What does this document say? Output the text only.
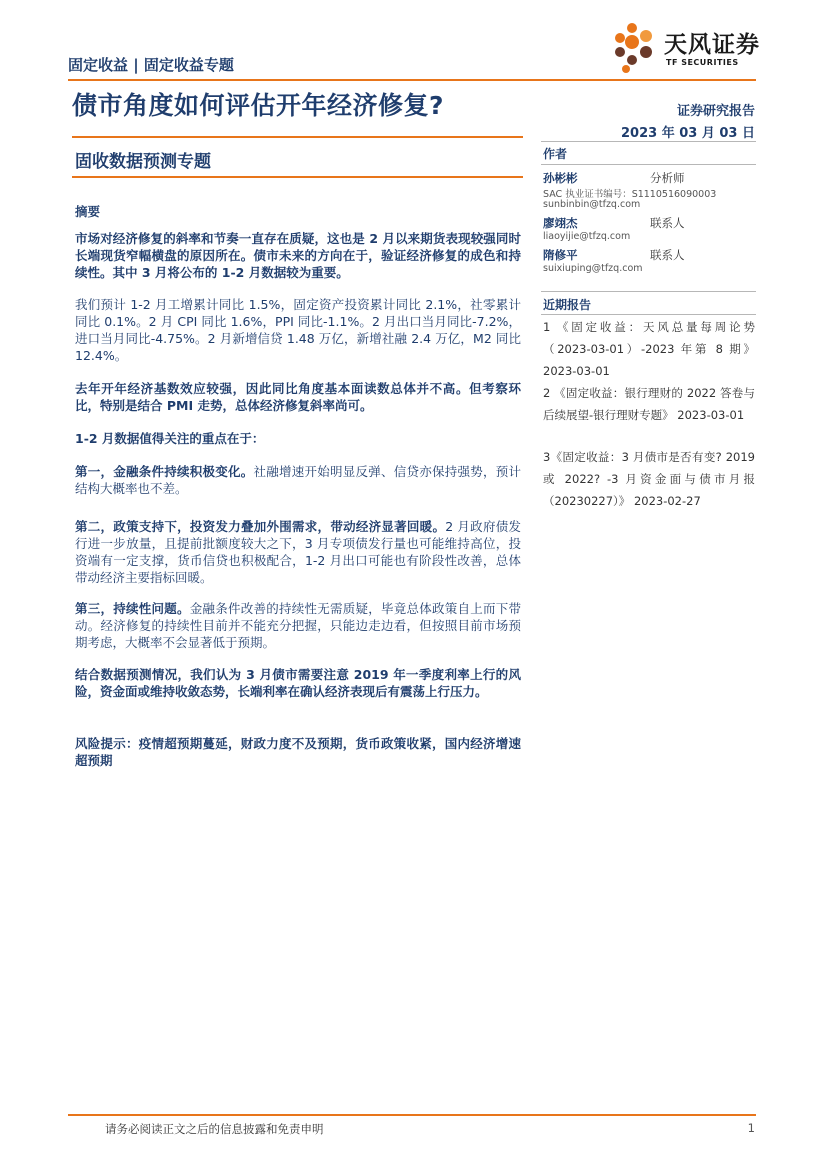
固定收益 | 固定收益专题
天风证券
TF SECURITIES
债市角度如何评估开年经济修复?	证券研究报告
2023 年 03 月 03 日
固收数据预测专题	作者
孙彬彬	分析师
SAC 执业证书编号：S1110516090003
sunbinbin@tfzq.com
廖翊杰	联系人
liaoyijie@tfzq.com
隋修平	联系人
suixiuping@tfzq.com
近期报告
1 《固定收益：天风总量每周论势（2023-03-01）-2023 年第 8 期》 2023-03-01
2 《固定收益：银行理财的 2022 答卷与后续展望-银行理财专题》 2023-03-01
3《固定收益：3 月债市是否有变? 2019 或 2022? -3 月资金面与债市月报（20230227）》 2023-02-27
摘要
市场对经济修复的斜率和节奏一直存在质疑，这也是 2 月以来期货表现较强同时长端现货窄幅横盘的原因所在。债市未来的方向在于，验证经济修复的成色和持续性。其中 3 月将公布的 1-2 月数据较为重要。
我们预计 1-2 月工增累计同比 1.5%，固定资产投资累计同比 2.1%，社零累计同比 0.1%。2 月 CPI 同比 1.6%，PPI 同比-1.1%。2 月出口当月同比-7.2%，进口当月同比-4.75%。2 月新增信贷 1.48 万亿，新增社融 2.4 万亿，M2 同比 12.4%。
去年开年经济基数效应较强，因此同比角度基本面读数总体并不高。但考察环比，特别是结合 PMI 走势，总体经济修复斜率尚可。
1-2 月数据值得关注的重点在于：
第一，金融条件持续积极变化。社融增速开始明显反弹、信贷亦保持强势，预计结构大概率也不差。
第二，政策支持下，投资发力叠加外围需求，带动经济显著回暖。2 月政府债发行进一步放量，且提前批额度较大之下，3 月专项债发行量也可能维持高位，投资端有一定支撑，货币信贷也积极配合，1-2 月出口可能也有阶段性改善，总体带动经济主要指标回暖。
第三，持续性问题。金融条件改善的持续性无需质疑，毕竟总体政策自上而下带动。经济修复的持续性目前并不能充分把握，只能边走边看，但按照目前市场预期考虑，大概率不会显著低于预期。
结合数据预测情况，我们认为 3 月债市需要注意 2019 年一季度利率上行的风险，资金面或维持收敛态势，长端利率在确认经济表现后有震荡上行压力。
风险提示：疫情超预期蔓延，财政力度不及预期，货币政策收紧，国内经济增速超预期
请务必阅读正文之后的信息披露和免责申明	1
